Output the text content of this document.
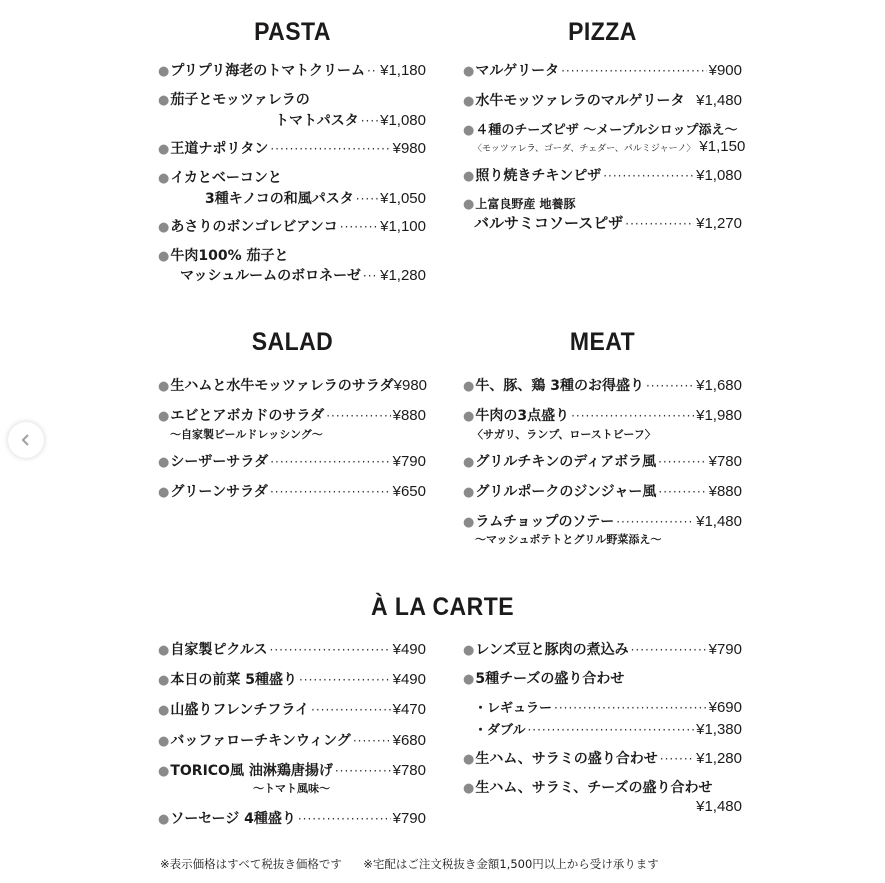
PASTA
● プリプリ海老のトマトクリーム ····· ¥1,180
● 茄子とモッツァレラの
トマトパスタ ····· ¥1,080
● 王道ナポリタン ·····	¥980
● イカとベーコンと
3種キノコの和風パスタ ····· ¥1,050
● あさりのボンゴレビアンコ ·····	¥1,100
● 牛肉100% 茄子と
マッシュルームのボロネーゼ ····· ¥1,280
PIZZA
● マルゲリータ ·····	¥900
● 水牛モッツァレラのマルゲリータ ¥1,480
● ４種のチーズピザ ～メープルシロップ添え～
〈モッツァレラ、ゴーダ、チェダー、パルミジャーノ〉 ¥1,150
● 照り焼きチキンピザ ·····	¥1,080
● 上富良野産 地養豚
バルサミコソースピザ ·····	¥1,270
SALAD
● 生ハムと水牛モッツァレラのサラダ ¥980
● エビとアボカドのサラダ ·····	¥880
～自家製ビールドレッシング～
● シーザーサラダ ·····	¥790
● グリーンサラダ ·····	¥650
MEAT
● 牛、豚、鶏 3種のお得盛り ·····	¥1,680
● 牛肉の3点盛り ·····	¥1,980
〈サガリ、ランプ、ローストビーフ〉
● グリルチキンのディアボラ風 ·····	¥780
● グリルポークのジンジャー風 ·····	¥880
● ラムチョップのソテー ·····	¥1,480
～マッシュポテトとグリル野菜添え～
À LA CARTE
● 自家製ピクルス ·····	¥490
● 本日の前菜 5種盛り ·····	¥490
● 山盛りフレンチフライ ·····	¥470
● バッファローチキンウィング ·····	¥680
● TORICO風 油淋鶏唐揚げ ·····	¥780
～トマト風味～
● ソーセージ 4種盛り ·····	¥790
● レンズ豆と豚肉の煮込み ·····	¥790
● 5種チーズの盛り合わせ
・レギュラー ·····	¥690
・ダブル ·····	¥1,380
● 生ハム、サラミの盛り合わせ ·····	¥1,280
● 生ハム、サラミ、チーズの盛り合わせ
¥1,480
※表示価格はすべて税抜き価格です ※宅配はご注文税抜き金額1,500円以上から受け承ります
